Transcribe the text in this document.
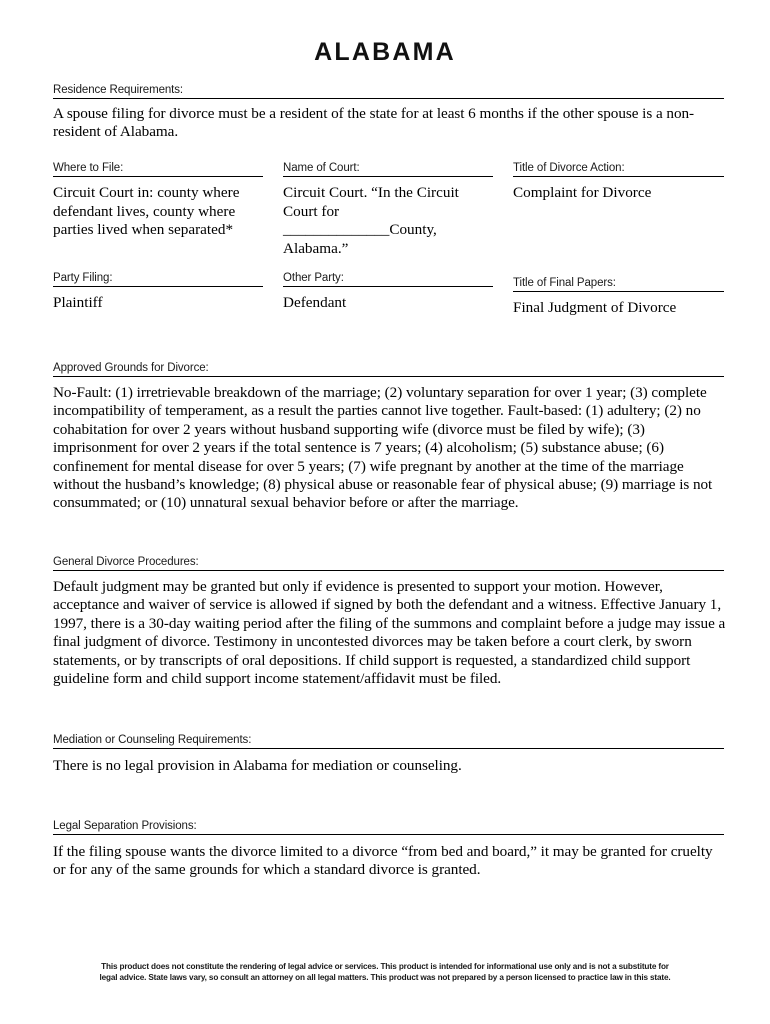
ALABAMA
Residence Requirements:
A spouse filing for divorce must be a resident of the state for at least 6 months if the other spouse is a non-resident of Alabama.
Where to File:
Circuit Court in: county where defendant lives, county where parties lived when separated*
Name of Court:
Circuit Court. “In the Circuit Court for ______________County, Alabama.”
Title of Divorce Action:
Complaint for Divorce
Party Filing:
Plaintiff
Other Party:
Defendant
Title of Final Papers:
Final Judgment of Divorce
Approved Grounds for Divorce:
No-Fault: (1) irretrievable breakdown of the marriage; (2) voluntary separation for over 1 year; (3) complete incompatibility of temperament, as a result the parties cannot live together. Fault-based: (1) adultery; (2) no cohabitation for over 2 years without husband supporting wife (divorce must be filed by wife); (3) imprisonment for over 2 years if the total sentence is 7 years; (4) alcoholism; (5) substance abuse; (6) confinement for mental disease for over 5 years; (7) wife pregnant by another at the time of the marriage without the husband’s knowledge; (8) physical abuse or reasonable fear of physical abuse; (9) marriage is not consummated; or (10) unnatural sexual behavior before or after the marriage.
General Divorce Procedures:
Default judgment may be granted but only if evidence is presented to support your motion. However, acceptance and waiver of service is allowed if signed by both the defendant and a witness. Effective January 1, 1997, there is a 30-day waiting period after the filing of the summons and complaint before a judge may issue a final judgment of divorce. Testimony in uncontested divorces may be taken before a court clerk, by sworn statements, or by transcripts of oral depositions. If child support is requested, a standardized child support guideline form and child support income statement/affidavit must be filed.
Mediation or Counseling Requirements:
There is no legal provision in Alabama for mediation or counseling.
Legal Separation Provisions:
If the filing spouse wants the divorce limited to a divorce “from bed and board,” it may be granted for cruelty or for any of the same grounds for which a standard divorce is granted.
This product does not constitute the rendering of legal advice or services. This product is intended for informational use only and is not a substitute for
legal advice. State laws vary, so consult an attorney on all legal matters. This product was not prepared by a person licensed to practice law in this state.
